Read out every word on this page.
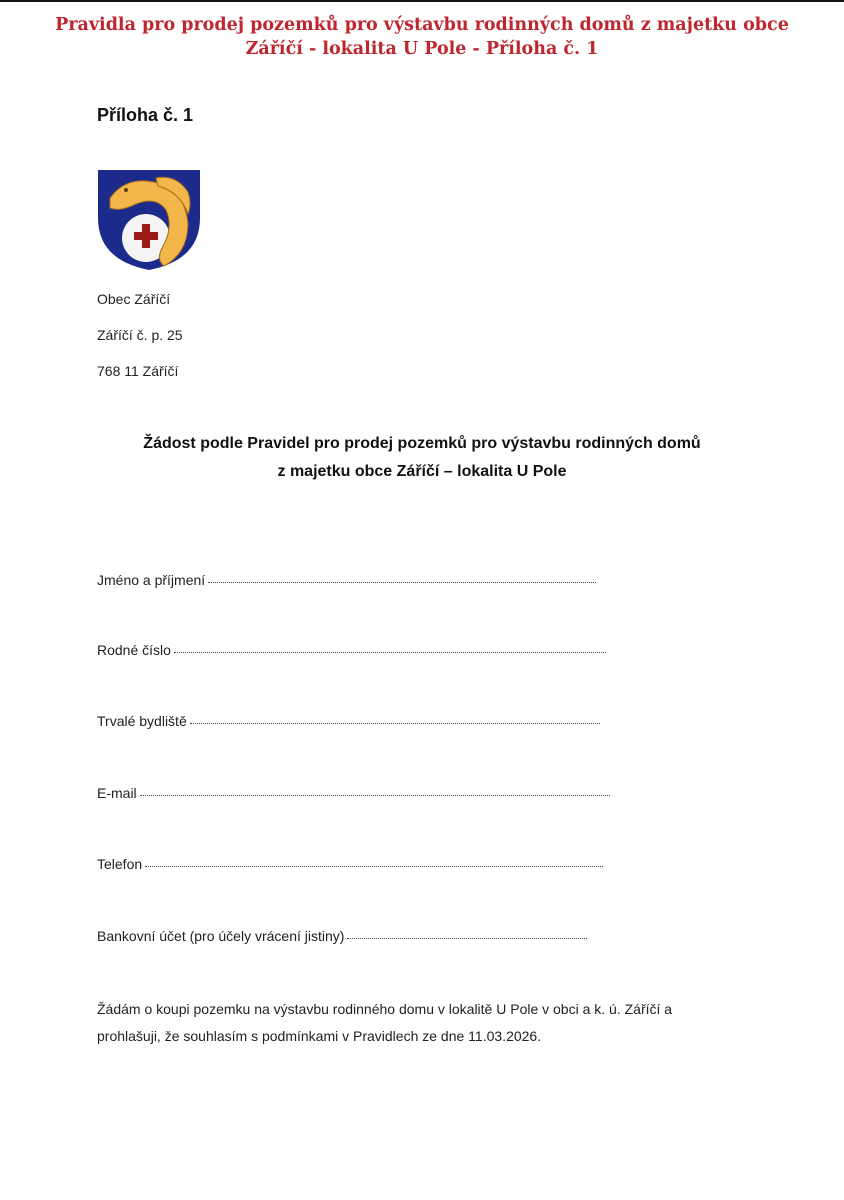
Pravidla pro prodej pozemků pro výstavbu rodinných domů z majetku obce
Záříčí - lokalita U Pole - Příloha č. 1
Příloha č. 1
Obec Záříčí
Záříčí č. p. 25
768 11 Záříčí
Žádost podle Pravidel pro prodej pozemků pro výstavbu rodinných domů
z majetku obce Záříčí – lokalita U Pole
Jméno a příjmení
Rodné číslo
Trvalé bydliště
E-mail
Telefon
Bankovní účet (pro účely vrácení jistiny)
Žádám o koupi pozemku na výstavbu rodinného domu v lokalitě U Pole v obci a k. ú. Záříčí a
prohlašuji, že souhlasím s podmínkami v Pravidlech ze dne 11.03.2026.
